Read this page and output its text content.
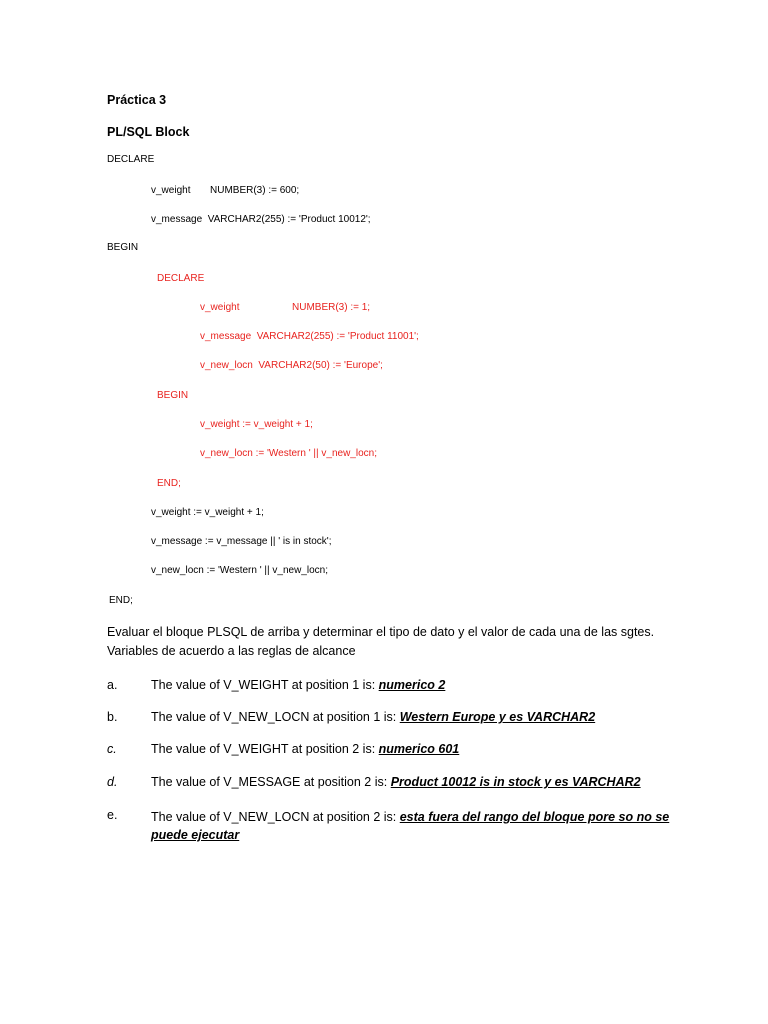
Práctica 3
PL/SQL Block
DECLARE
v_weight NUMBER(3) := 600;
v_message  VARCHAR2(255) := 'Product 10012';
BEGIN
DECLARE
v_weight	NUMBER(3) := 1;
v_message  VARCHAR2(255) := 'Product 11001';
v_new_locn  VARCHAR2(50) := 'Europe';
BEGIN
v_weight := v_weight + 1;
v_new_locn := 'Western ' || v_new_locn;
END;
v_weight := v_weight + 1;
v_message := v_message || ' is in stock';
v_new_locn := 'Western ' || v_new_locn;
END;
Evaluar el bloque PLSQL de arriba y determinar el tipo de dato y el valor de cada una de las sgtes.
Variables de acuerdo a las reglas de alcance
a.	The value of V_WEIGHT at position 1 is: numerico 2
b.	The value of V_NEW_LOCN at position 1 is: Western Europe y es VARCHAR2
c.	The value of V_WEIGHT at position 2 is: numerico 601
d.	The value of V_MESSAGE at position 2 is: Product 10012 is in stock y es VARCHAR2
e.	The value of V_NEW_LOCN at position 2 is: esta fuera del rango del bloque pore so no se puede ejecutar
